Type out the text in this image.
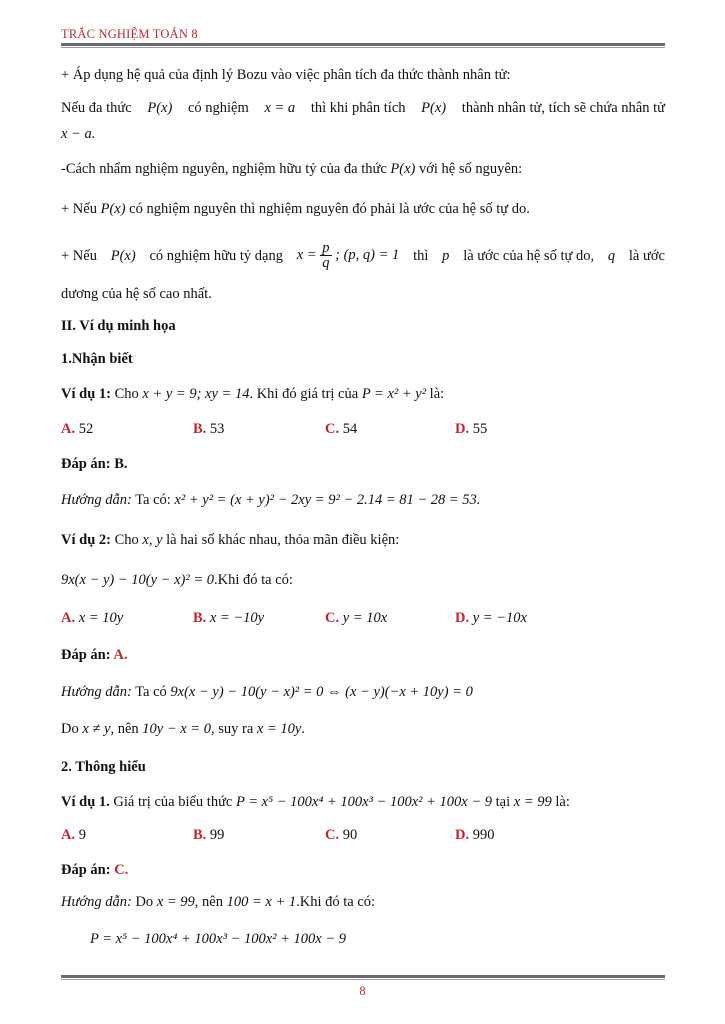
TRẮC NGHIỆM TOÁN 8
+ Áp dụng hệ quả của định lý Bozu vào việc phân tích đa thức thành nhân tử:
Nếu đa thức P(x) có nghiệm x = a thì khi phân tích P(x) thành nhân tử, tích sẽ chứa nhân tử
x − a.
-Cách nhẩm nghiệm nguyên, nghiệm hữu tỷ của đa thức P(x) với hệ số nguyên:
+ Nếu P(x) có nghiệm nguyên thì nghiệm nguyên đó phải là ước của hệ số tự do.
+ Nếu P(x) có nghiệm hữu tỷ dạng $x = \frac{p}{q}$ ; (p, q) = 1 thì p là ước của hệ số tự do, q là ước
dương của hệ số cao nhất.
II. Ví dụ minh họa
1.Nhận biết
Ví dụ 1: Cho x + y = 9; xy = 14. Khi đó giá trị của P = x² + y² là:
A. 52	B. 53	C. 54	D. 55
Đáp án: B.
Hướng dẫn: Ta có: x² + y² = (x + y)² − 2xy = 9² − 2.14 = 81 − 28 = 53.
Ví dụ 2: Cho x, y là hai số khác nhau, thỏa mãn điều kiện:
9x(x − y) − 10(y − x)² = 0.Khi đó ta có:
A. x = 10y	B. x = −10y	C. y = 10x	D. y = −10x
Đáp án: A.
Hướng dẫn: Ta có 9x(x − y) − 10(y − x)² = 0 ⇔ (x − y)(−x + 10y) = 0
Do x ≠ y, nên 10y − x = 0, suy ra x = 10y.
2. Thông hiểu
Ví dụ 1. Giá trị của biểu thức P = x⁵ − 100x⁴ + 100x³ − 100x² + 100x − 9 tại x = 99 là:
A. 9	B. 99	C. 90	D. 990
Đáp án: C.
Hướng dẫn: Do x = 99, nên 100 = x + 1.Khi đó ta có:
P = x⁵ − 100x⁴ + 100x³ − 100x² + 100x − 9
8
